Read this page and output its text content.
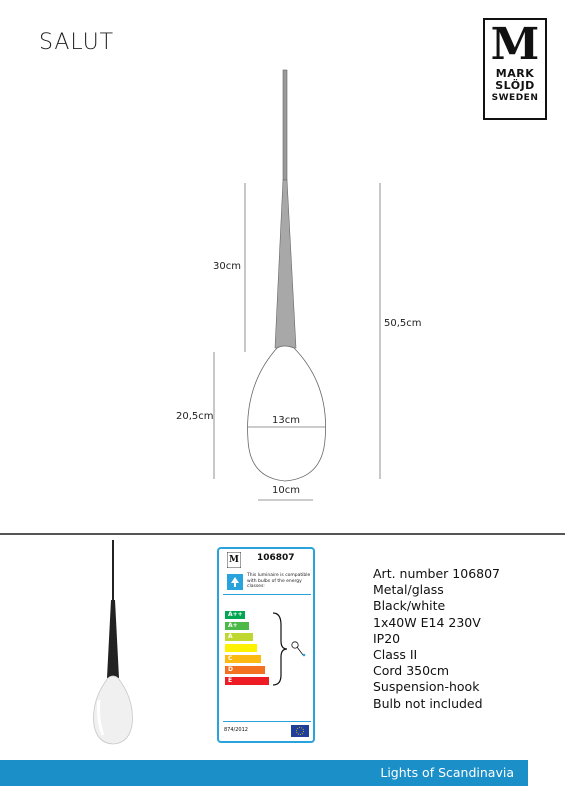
SALUT	M
MARK
SLÖJD
SWEDEN
30cm
50,5cm
20,5cm	13cm
10cm
M 106807
This luminaire is compatible with bulbs of the energy classes:
A++
A+
A
B
C
D
E
874/2012
Art. number 106807
Metal/glass
Black/white
1x40W E14 230V
IP20
Class II
Cord 350cm
Suspension-hook
Bulb not included
Lights of Scandinavia
